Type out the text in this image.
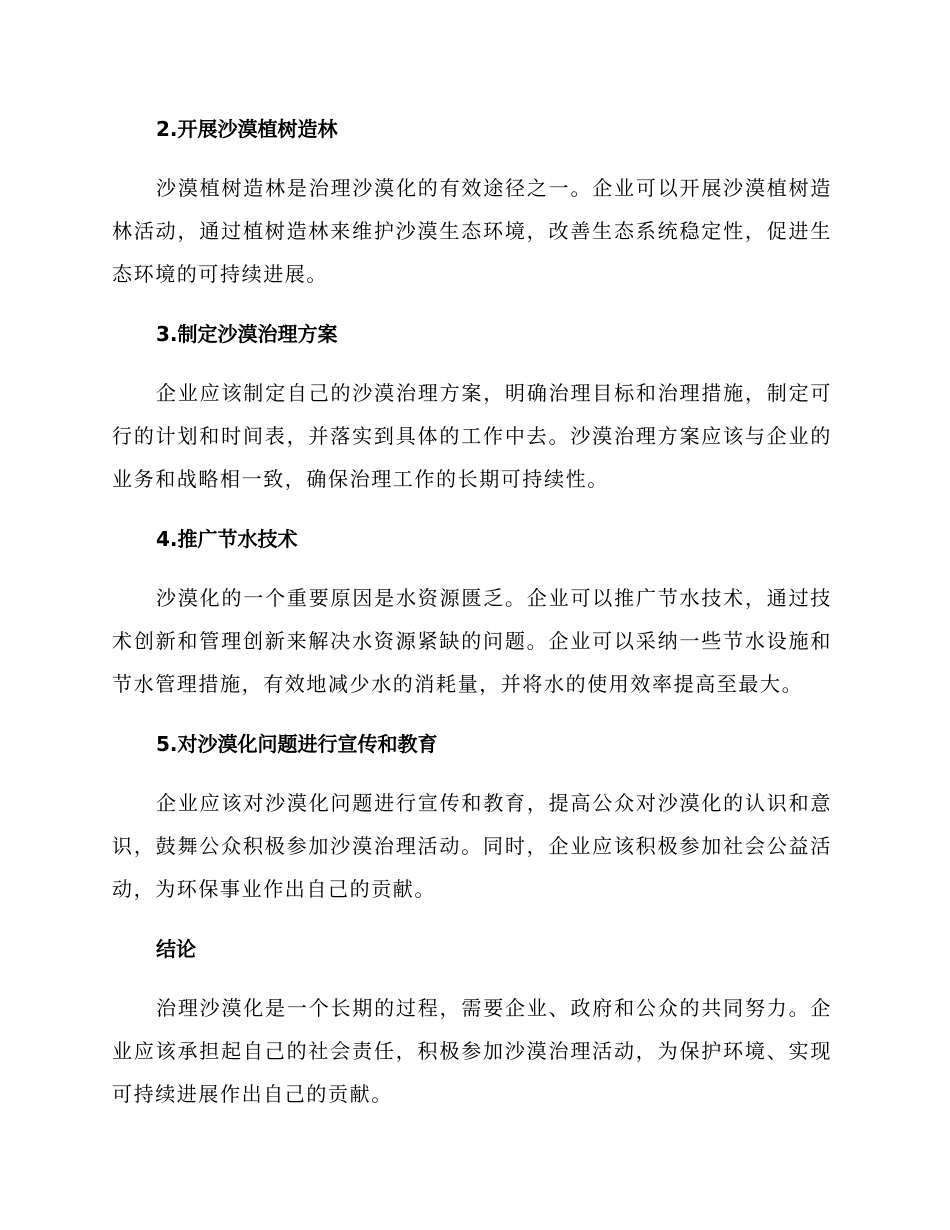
2.开展沙漠植树造林

沙漠植树造林是治理沙漠化的有效途径之一。企业可以开展沙漠植树造林活动，通过植树造林来维护沙漠生态环境，改善生态系统稳定性，促进生态环境的可持续进展。

3.制定沙漠治理方案

企业应该制定自己的沙漠治理方案，明确治理目标和治理措施，制定可行的计划和时间表，并落实到具体的工作中去。沙漠治理方案应该与企业的业务和战略相一致，确保治理工作的长期可持续性。

4.推广节水技术

沙漠化的一个重要原因是水资源匮乏。企业可以推广节水技术，通过技术创新和管理创新来解决水资源紧缺的问题。企业可以采纳一些节水设施和节水管理措施，有效地减少水的消耗量，并将水的使用效率提高至最大。

5.对沙漠化问题进行宣传和教育

企业应该对沙漠化问题进行宣传和教育，提高公众对沙漠化的认识和意识，鼓舞公众积极参加沙漠治理活动。同时，企业应该积极参加社会公益活动，为环保事业作出自己的贡献。

结论

治理沙漠化是一个长期的过程，需要企业、政府和公众的共同努力。企业应该承担起自己的社会责任，积极参加沙漠治理活动，为保护环境、实现可持续进展作出自己的贡献。
